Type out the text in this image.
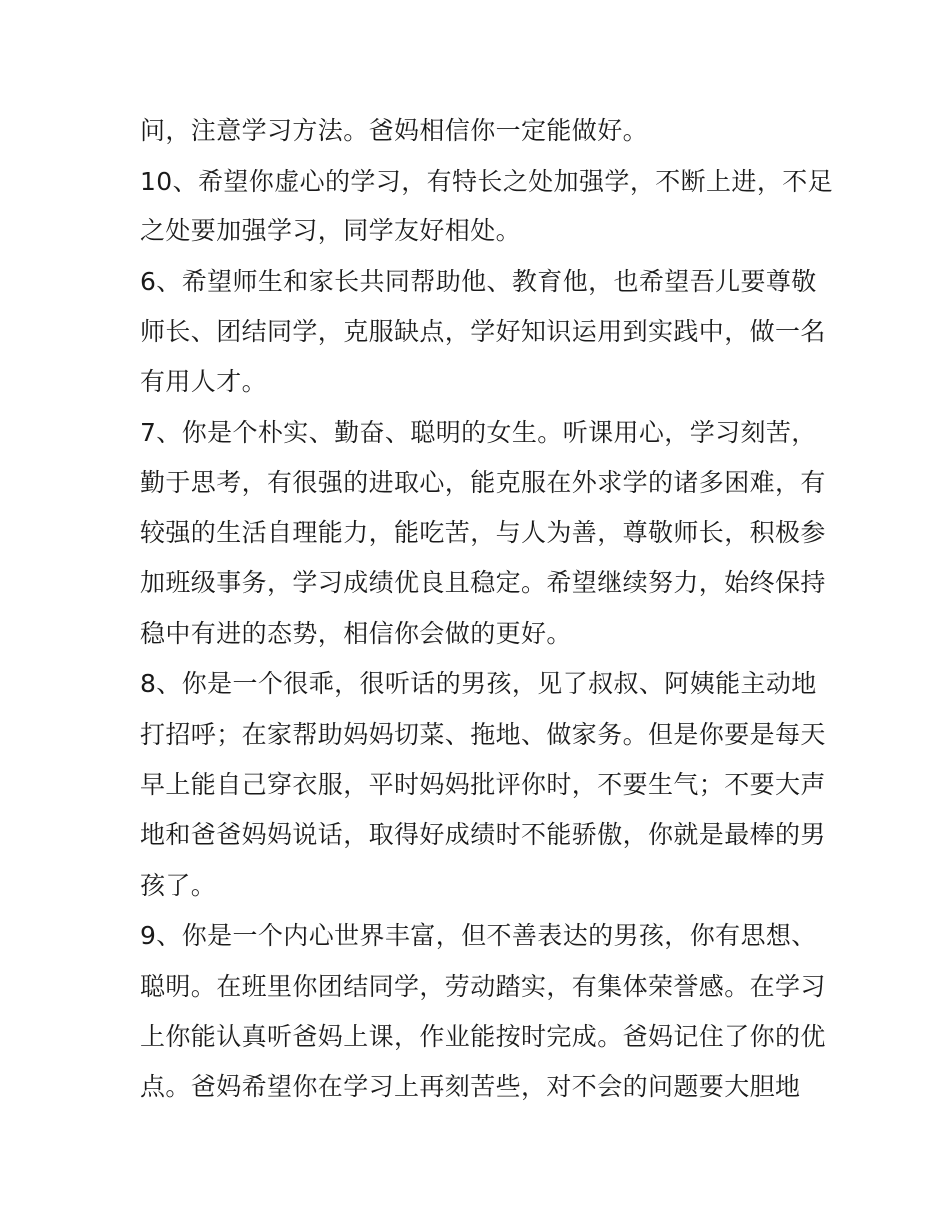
问，注意学习方法。爸妈相信你一定能做好。
10、希望你虚心的学习，有特长之处加强学，不断上进，不足
之处要加强学习，同学友好相处。
6、希望师生和家长共同帮助他、教育他，也希望吾儿要尊敬
师长、团结同学，克服缺点，学好知识运用到实践中，做一名
有用人才。
7、你是个朴实、勤奋、聪明的女生。听课用心，学习刻苦，
勤于思考，有很强的进取心，能克服在外求学的诸多困难，有
较强的生活自理能力，能吃苦，与人为善，尊敬师长，积极参
加班级事务，学习成绩优良且稳定。希望继续努力，始终保持
稳中有进的态势，相信你会做的更好。
8、你是一个很乖，很听话的男孩，见了叔叔、阿姨能主动地
打招呼；在家帮助妈妈切菜、拖地、做家务。但是你要是每天
早上能自己穿衣服，平时妈妈批评你时，不要生气；不要大声
地和爸爸妈妈说话，取得好成绩时不能骄傲，你就是最棒的男
孩了。
9、你是一个内心世界丰富，但不善表达的男孩，你有思想、
聪明。在班里你团结同学，劳动踏实，有集体荣誉感。在学习
上你能认真听爸妈上课，作业能按时完成。爸妈记住了你的优
点。爸妈希望你在学习上再刻苦些，对不会的问题要大胆地
